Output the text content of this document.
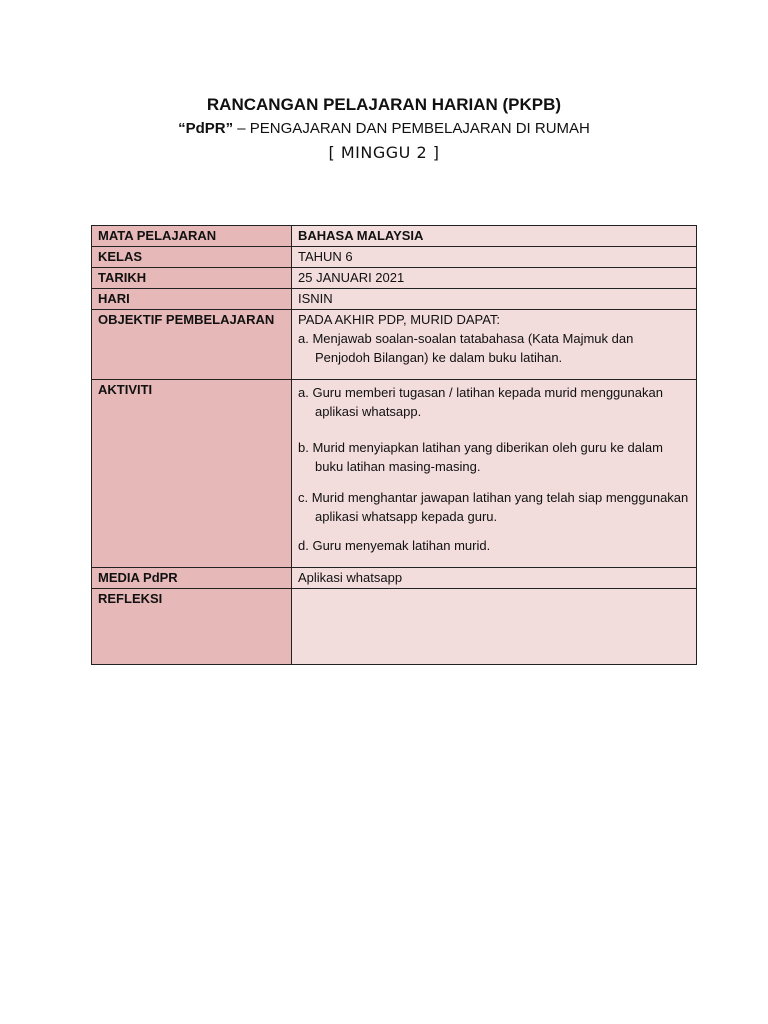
RANCANGAN PELAJARAN HARIAN (PKPB)
“PdPR” – PENGAJARAN DAN PEMBELAJARAN DI RUMAH
[ MINGGU 2 ]
MATA PELAJARAN	BAHASA MALAYSIA
KELAS	TAHUN 6
TARIKH	25 JANUARI 2021
HARI	ISNIN
OBJEKTIF PEMBELAJARAN	PADA AKHIR PDP, MURID DAPAT:
a. Menjawab soalan-soalan tatabahasa (Kata Majmuk dan Penjodoh Bilangan) ke dalam buku latihan.

AKTIVITI	a. Guru memberi tugasan / latihan kepada murid menggunakan aplikasi whatsapp.
b. Murid menyiapkan latihan yang diberikan oleh guru ke dalam buku latihan masing-masing.
c. Murid menghantar jawapan latihan yang telah siap menggunakan aplikasi whatsapp kepada guru.
d. Guru menyemak latihan murid.

MEDIA PdPR	Aplikasi whatsapp
REFLEKSI	
